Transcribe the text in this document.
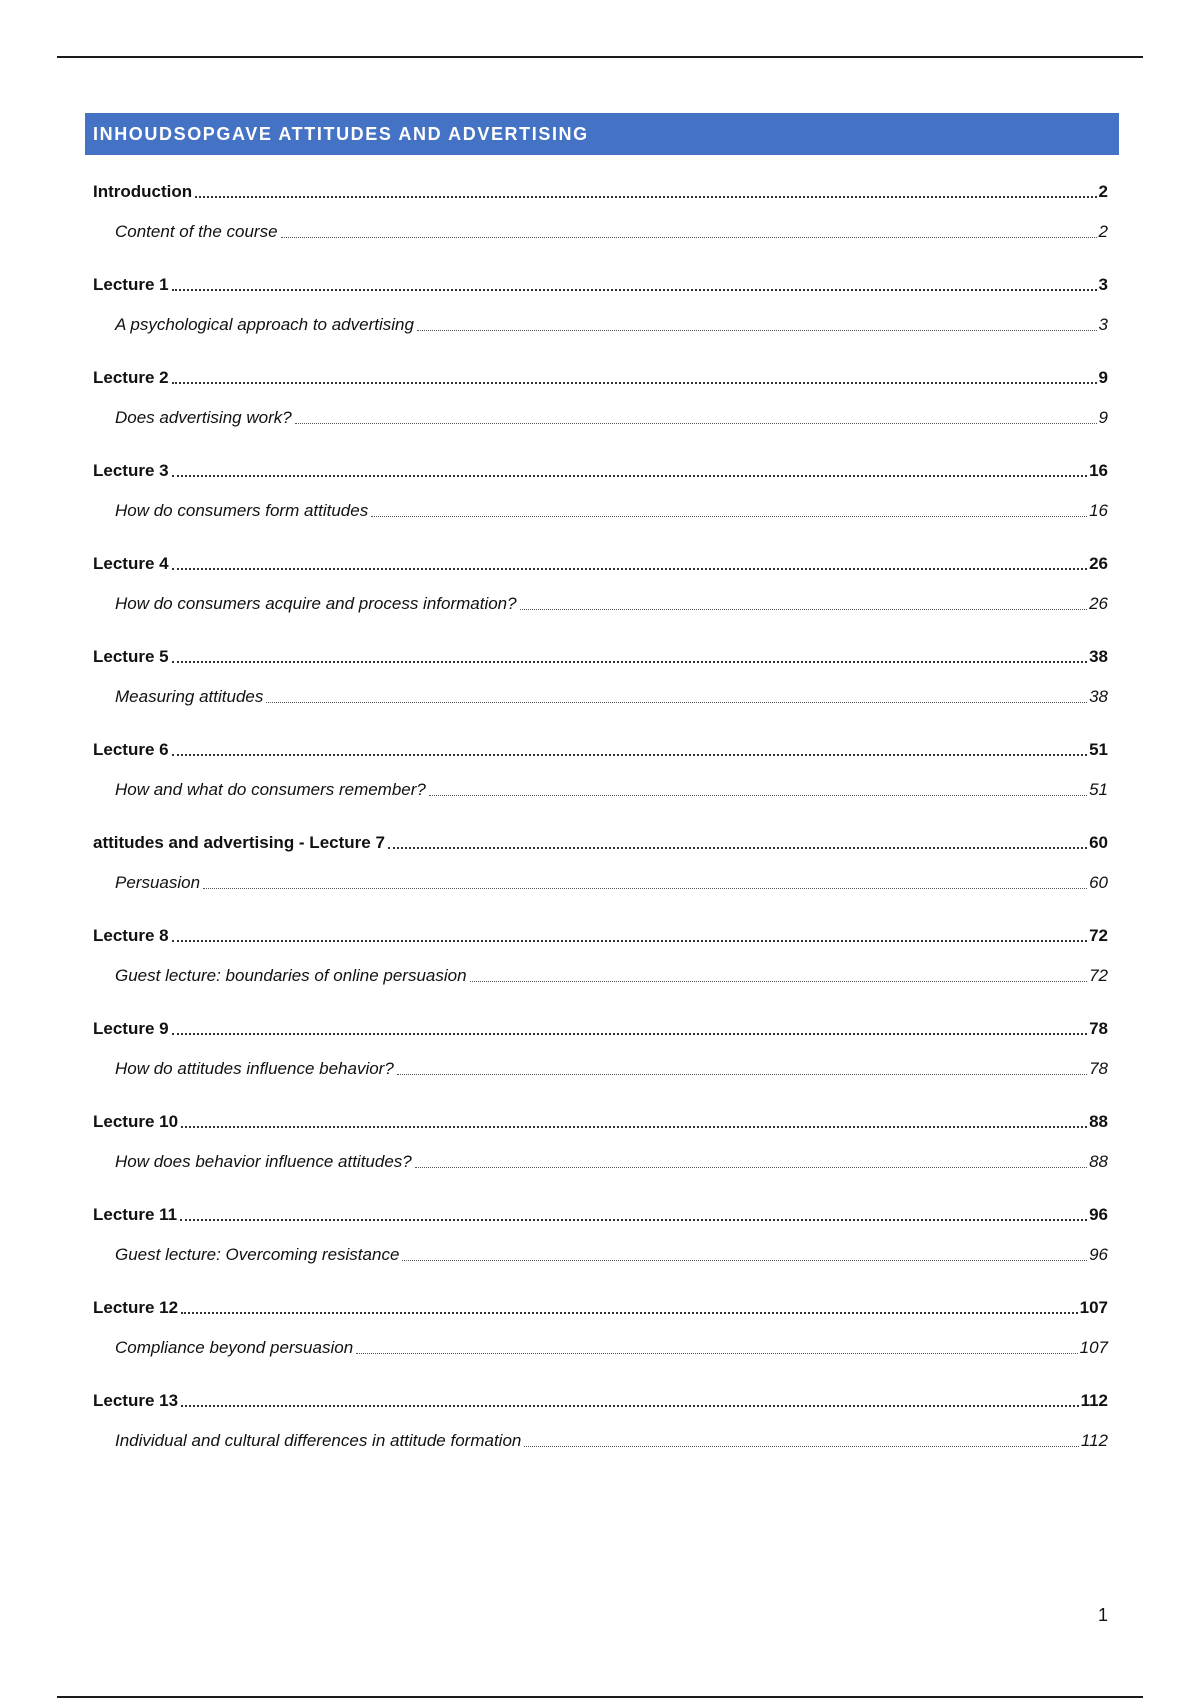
INHOUDSOPGAVE ATTITUDES AND ADVERTISING
Introduction	2
Content of the course	2
Lecture 1	3
A psychological approach to advertising	3
Lecture 2	9
Does advertising work?	9
Lecture 3	16
How do consumers form attitudes	16
Lecture 4	26
How do consumers acquire and process information?	26
Lecture 5	38
Measuring attitudes	38
Lecture 6	51
How and what do consumers remember?	51
attitudes and advertising - Lecture 7	60
Persuasion	60
Lecture 8	72
Guest lecture: boundaries of online persuasion	72
Lecture 9	78
How do attitudes influence behavior?	78
Lecture 10	88
How does behavior influence attitudes?	88
Lecture 11	96
Guest lecture: Overcoming resistance	96
Lecture 12	107
Compliance beyond persuasion	107
Lecture 13	112
Individual and cultural differences in attitude formation	112
1
